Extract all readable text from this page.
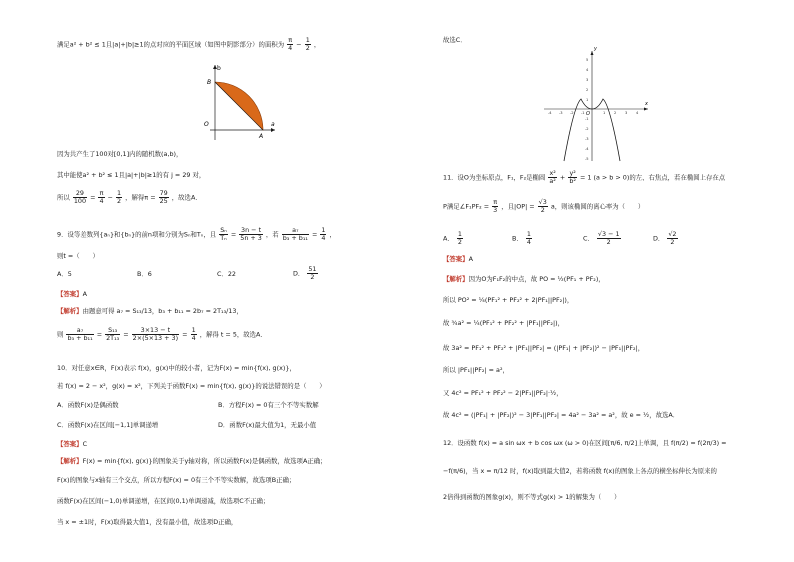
满足a² + b² ≤ 1且|a|+|b|≥1的点对应的平面区域（如图中阴影部分）的面积为 $\frac{\pi}{4} - \frac{1}{2}$ ，
b
a
B
A
O
因为共产生了100对[0,1]内的随机数(a,b)，
其中能使a² + b² ≤ 1且|a|+|b|≥1的有 j = 29 对，
所以 $\frac{29}{100} = \frac{\pi}{4} - \frac{1}{2}$ ，解得$\pi = \frac{79}{25}$ ，故选A．
9．设等差数列{aₙ}和{bₙ}的前n项和分别为Sₙ和Tₙ，且 $\frac{\text{Sₙ}}{\text{Tₙ}} = \frac{3n - t}{5n + 3}$ ，若 $\frac{\text{a₇}}{\text{b₃ + b₁₁}} = \frac{1}{4}$ ，
则t =（　　）
A．5	B．6	C．22	D． $\frac{51}{2}$
【答案】A
【解析】由题意可得 a₇ = S₁₃/13，b₃ + b₁₁ = 2b₇ = 2T₁₃/13，
则 $\frac{\text{a₇}}{\text{b₃ + b₁₁}} = \frac{\text{S₁₃}}{\text{2T₁₃}} = \frac{3\times 13 - t}{2\times(5\times 13 + 3)} = \frac{1}{4}$ ，解得 t = 5，故选A．
10．对任意x∈R，F(x)表示 f(x)，g(x)中的较小者，记为F(x) = min{f(x), g(x)}，
若 f(x) = 2 − x²，g(x) = x²，下列关于函数F(x) = min{f(x), g(x)}的说法错误的是（　　）
A．函数F(x)是偶函数	B．方程F(x) = 0有三个不等实数解
C．函数F(x)在区间[−1,1]单调递增	D．函数F(x)最大值为1，无最小值
【答案】C
【解析】F(x) = min{f(x), g(x)}的图象关于y轴对称，所以函数F(x)是偶函数，故选项A正确；
F(x)的图象与x轴有三个交点，所以方程F(x) = 0有三个不等实数解，故选项B正确；
函数F(x)在区间(−1,0)单调递增，在区间(0,1)单调递减，故选项C不正确；
当 x = ±1时，F(x)取得最大值1，没有最小值，故选项D正确，
故选C．
-4 -3 -2 -1	1 2 3 4
5
4
3
2
1
-1
-2
-3
-4
-5
y
x
O
11．设O为坐标原点，F₁，F₂是椭圆 $\frac{\text{x²}}{\text{a²}} + \frac{\text{y²}}{\text{b²}} = 1$ (a > b > 0)的左、右焦点，若在椭圆上存在点
P满足∠F₁PF₂ = $\frac{\pi}{3}$ ，且$|OP| = \frac{√3}{2}$ a，则该椭圆的离心率为（　　）
A． $\frac{1}{2}$	B． $\frac{1}{4}$	C． $\frac{√3 - 1}{2}$	D． $\frac{√2}{2}$
【答案】A
【解析】因为O为F₁F₂的中点，故 PO = ½(PF₁ + PF₂)，
所以 PO² = ¼(PF₁² + PF₂² + 2|PF₁||PF₂|)，
故 ¾a² = ¼(PF₁² + PF₂² + |PF₁||PF₂|)，
故 3a² = PF₁² + PF₂² + |PF₁||PF₂| = (|PF₁| + |PF₂|)² − |PF₁||PF₂|，
所以 |PF₁||PF₂| = a²，
又 4c² = PF₁² + PF₂² − 2|PF₁||PF₂|·½，
故 4c² = (|PF₁| + |PF₂|)² − 3|PF₁||PF₂| = 4a² − 3a² = a²，故 e = ½，故选A．
12．设函数 f(x) = a sin ωx + b cos ωx (ω > 0)在区间[π/6, π/2]上单调，且 f(π/2) = f(2π/3) =
−f(π/6)，当 x = π/12 时，f(x)取到最大值2，若将函数 f(x)的图象上各点的横坐标伸长为原来的
2倍得到函数的图象g(x)，则不等式g(x) > 1的解集为（　　）
